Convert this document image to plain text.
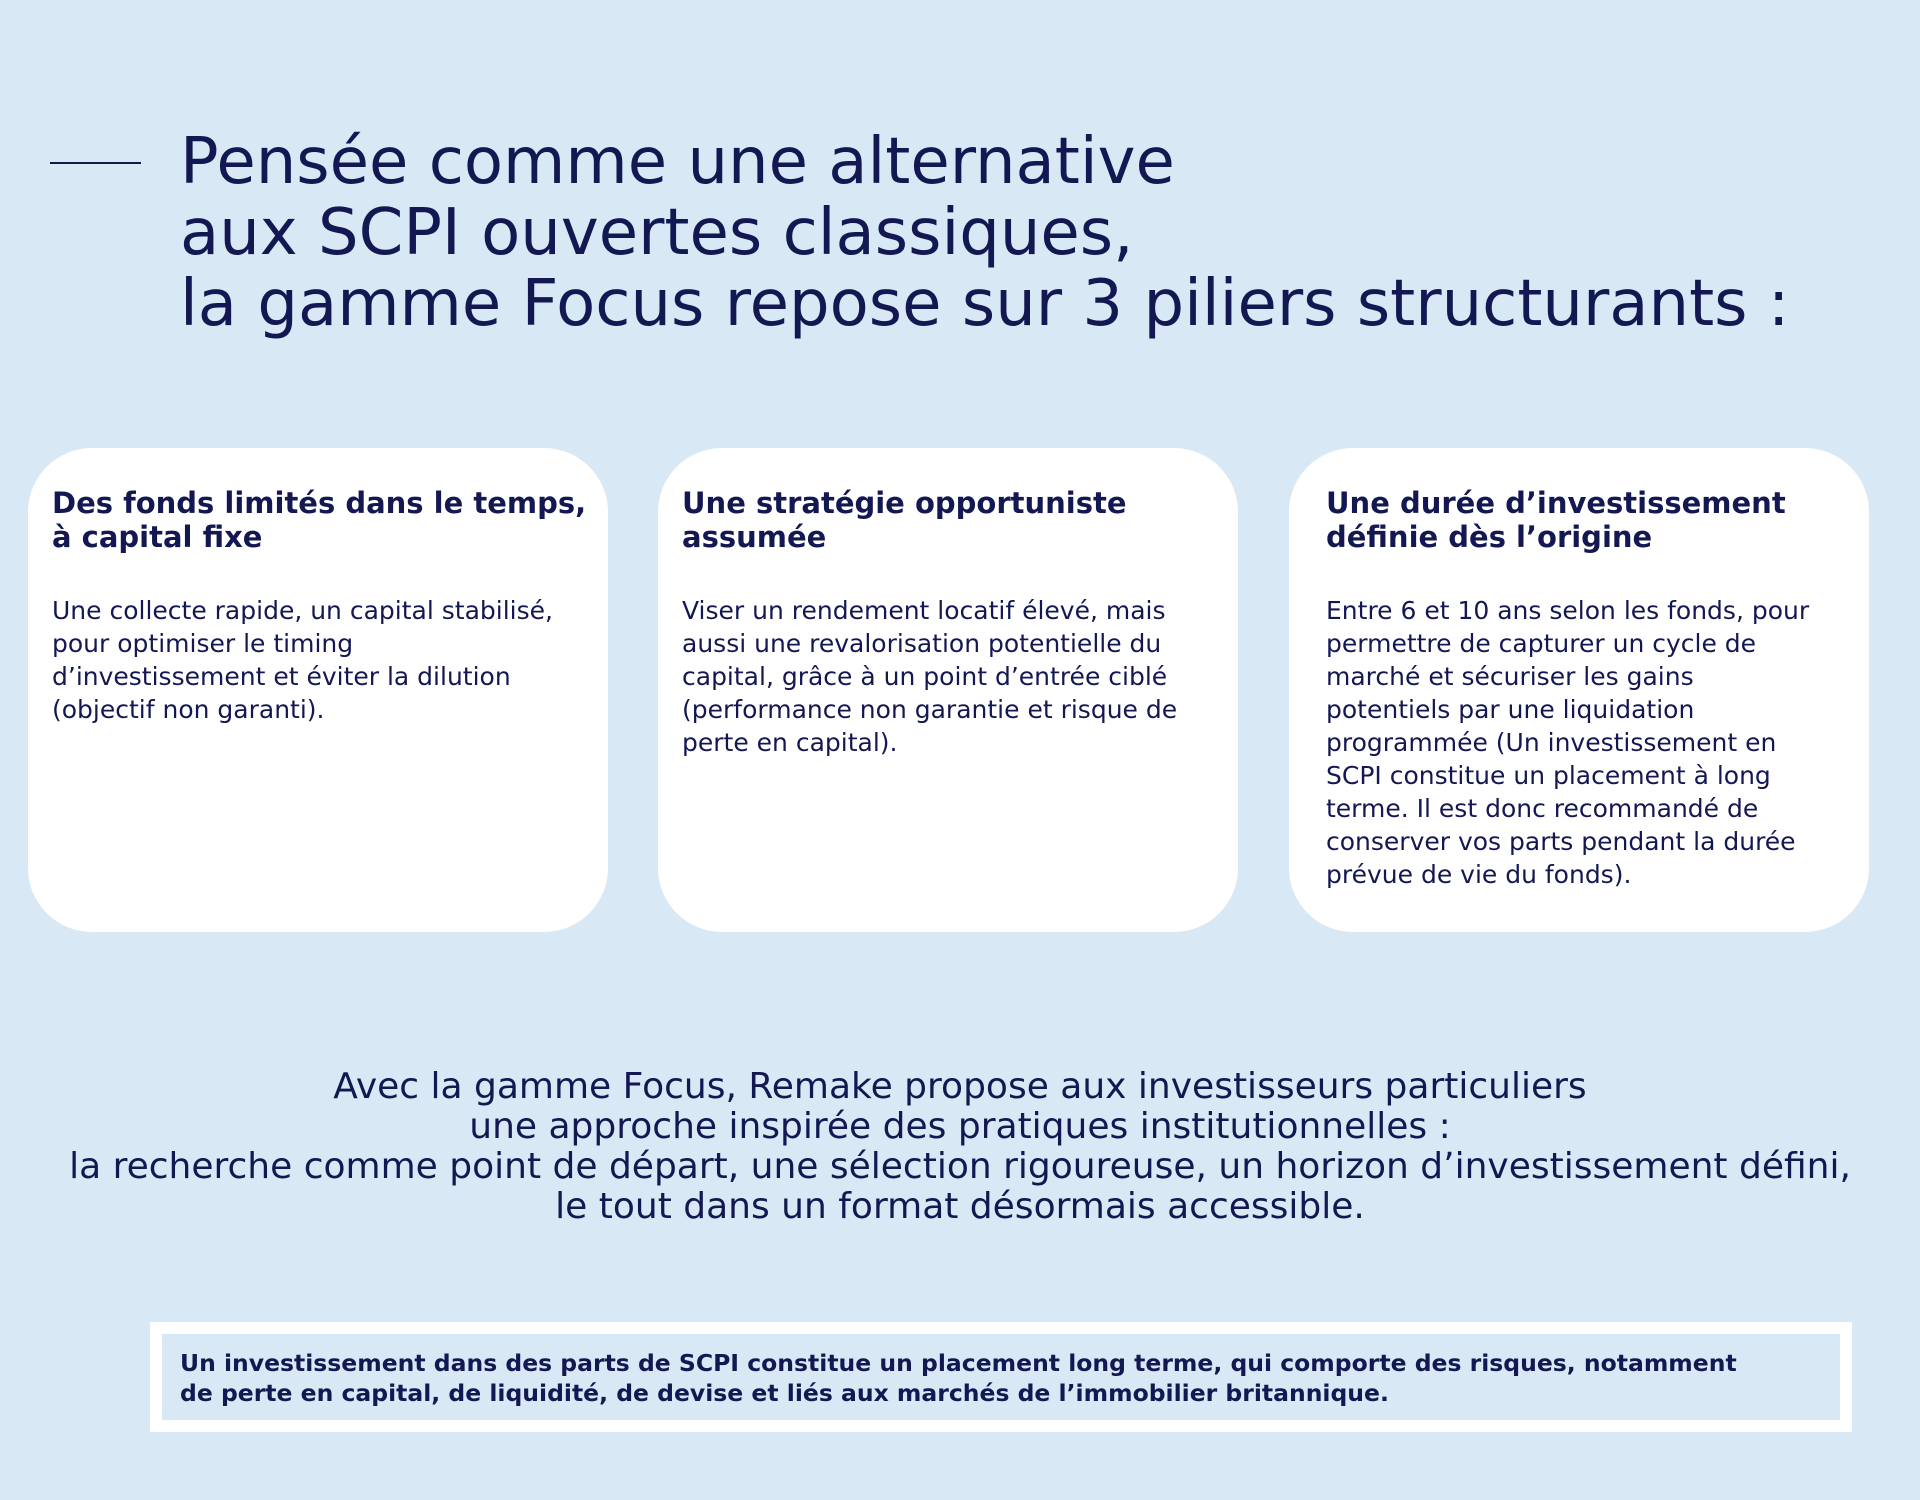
Pensée comme une alternative
aux SCPI ouvertes classiques,
la gamme Focus repose sur 3 piliers structurants :
Des fonds limités dans le temps,
à capital fixe

Une collecte rapide, un capital stabilisé,
pour optimiser le timing
d’investissement et éviter la dilution
(objectif non garanti).

Une stratégie opportuniste
assumée

Viser un rendement locatif élevé, mais
aussi une revalorisation potentielle du
capital, grâce à un point d’entrée ciblé
(performance non garantie et risque de
perte en capital).

Une durée d’investissement
définie dès l’origine

Entre 6 et 10 ans selon les fonds, pour
permettre de capturer un cycle de
marché et sécuriser les gains
potentiels par une liquidation
programmée (Un investissement en
SCPI constitue un placement à long
terme. Il est donc recommandé de
conserver vos parts pendant la durée
prévue de vie du fonds).

Avec la gamme Focus, Remake propose aux investisseurs particuliers
une approche inspirée des pratiques institutionnelles :
la recherche comme point de départ, une sélection rigoureuse, un horizon d’investissement défini,
le tout dans un format désormais accessible.

Un investissement dans des parts de SCPI constitue un placement long terme, qui comporte des risques, notamment
de perte en capital, de liquidité, de devise et liés aux marchés de l’immobilier britannique.
